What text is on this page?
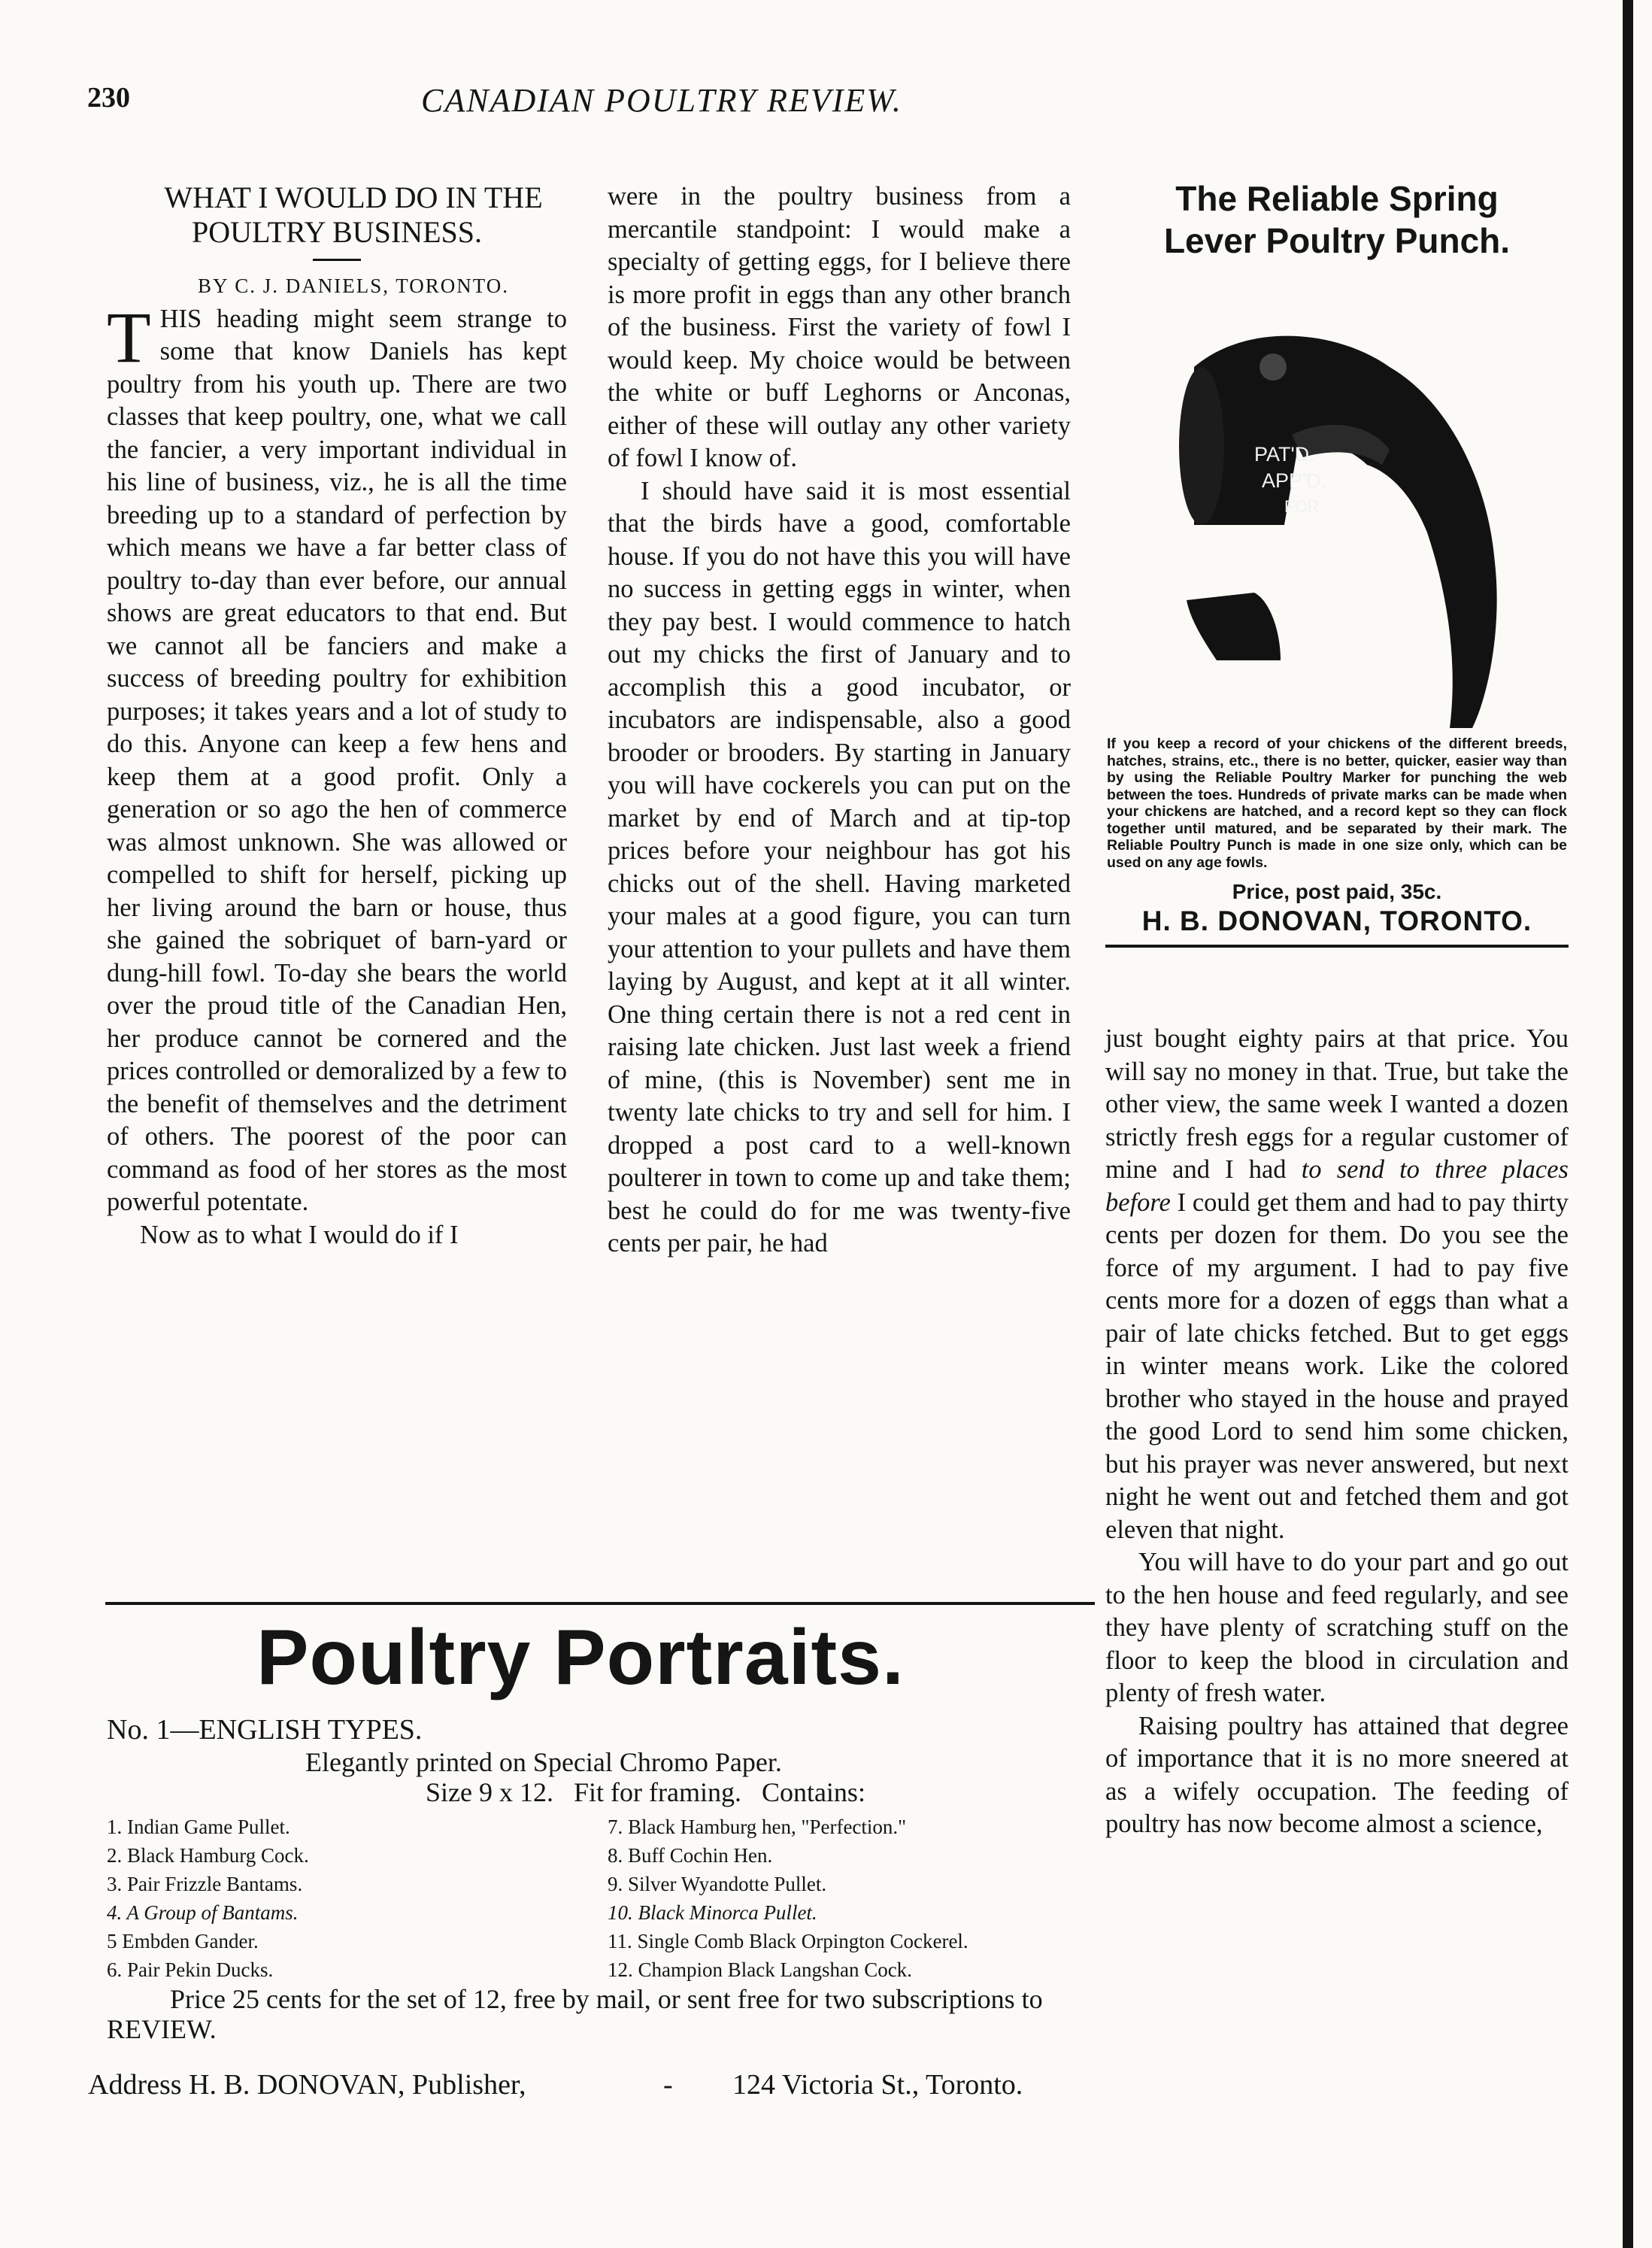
230	CANADIAN POULTRY REVIEW.

WHAT I WOULD DO IN THE POULTRY BUSINESS.

BY C. J. DANIELS, TORONTO.

THIS heading might seem strange to some that know Daniels has kept poultry from his youth up. There are two classes that keep poultry, one, what we call the fancier, a very important individual in his line of business, viz., he is all the time breeding up to a standard of perfection by which means we have a far better class of poultry to-day than ever before, our annual shows are great educators to that end. But we cannot all be fanciers and make a success of breeding poultry for exhibition purposes; it takes years and a lot of study to do this. Anyone can keep a few hens and keep them at a good profit. Only a generation or so ago the hen of commerce was almost unknown. She was allowed or compelled to shift for herself, picking up her living around the barn or house, thus she gained the sobriquet of barn-yard or dung-hill fowl. To-day she bears the world over the proud title of the Canadian Hen, her produce cannot be cornered and the prices controlled or demoralized by a few to the benefit of themselves and the detriment of others. The poorest of the poor can command as food of her stores as the most powerful potentate.

Now as to what I would do if I

were in the poultry business from a mercantile standpoint: I would make a specialty of getting eggs, for I believe there is more profit in eggs than any other branch of the business. First the variety of fowl I would keep. My choice would be between the white or buff Leghorns or Anconas, either of these will outlay any other variety of fowl I know of.

I should have said it is most essential that the birds have a good, comfortable house. If you do not have this you will have no success in getting eggs in winter, when they pay best. I would commence to hatch out my chicks the first of January and to accomplish this a good incubator, or incubators are indispensable, also a good brooder or brooders. By starting in January you will have cockerels you can put on the market by end of March and at tip-top prices before your neighbour has got his chicks out of the shell. Having marketed your males at a good figure, you can turn your attention to your pullets and have them laying by August, and kept at it all winter. One thing certain there is not a red cent in raising late chicken. Just last week a friend of mine, (this is November) sent me in twenty late chicks to try and sell for him. I dropped a post card to a well-known poulterer in town to come up and take them; best he could do for me was twenty-five cents per pair, he had

The Reliable Spring

Lever Poultry Punch.

PAT'D.
APP'D.
FOR

If you keep a record of your chickens of the different breeds, hatches, strains, etc., there is no better, quicker, easier way than by using the Reliable Poultry Marker for punching the web between the toes. Hundreds of private marks can be made when your chickens are hatched, and a record kept so they can flock together until matured, and be separated by their mark. The Reliable Poultry Punch is made in one size only, which can be used on any age fowls.

Price, post paid, 35c.

H. B. DONOVAN, TORONTO.

just bought eighty pairs at that price. You will say no money in that. True, but take the other view, the same week I wanted a dozen strictly fresh eggs for a regular customer of mine and I had to send to three places before I could get them and had to pay thirty cents per dozen for them. Do you see the force of my argument. I had to pay five cents more for a dozen of eggs than what a pair of late chicks fetched. But to get eggs in winter means work. Like the colored brother who stayed in the house and prayed the good Lord to send him some chicken, but his prayer was never answered, but next night he went out and fetched them and got eleven that night.

You will have to do your part and go out to the hen house and feed regularly, and see they have plenty of scratching stuff on the floor to keep the blood in circulation and plenty of fresh water.

Raising poultry has attained that degree of importance that it is no more sneered at as a wifely occupation. The feeding of poultry has now become almost a science,

Poultry Portraits.
No. 1—ENGLISH TYPES.
Elegantly printed on Special Chromo Paper.
Size 9 x 12.   Fit for framing.   Contains:
1. Indian Game Pullet.
2. Black Hamburg Cock.
3. Pair Frizzle Bantams.
4. A Group of Bantams.
5 Embden Gander.
6. Pair Pekin Ducks.
7. Black Hamburg hen, "Perfection."
8. Buff Cochin Hen.
9. Silver Wyandotte Pullet.
10. Black Minorca Pullet.
11. Single Comb Black Orpington Cockerel.
12. Champion Black Langshan Cock.
Price 25 cents for the set of 12, free by mail, or sent free for two subscriptions to REVIEW.
Address H. B. DONOVAN, Publisher,	- 124 Victoria St., Toronto.
